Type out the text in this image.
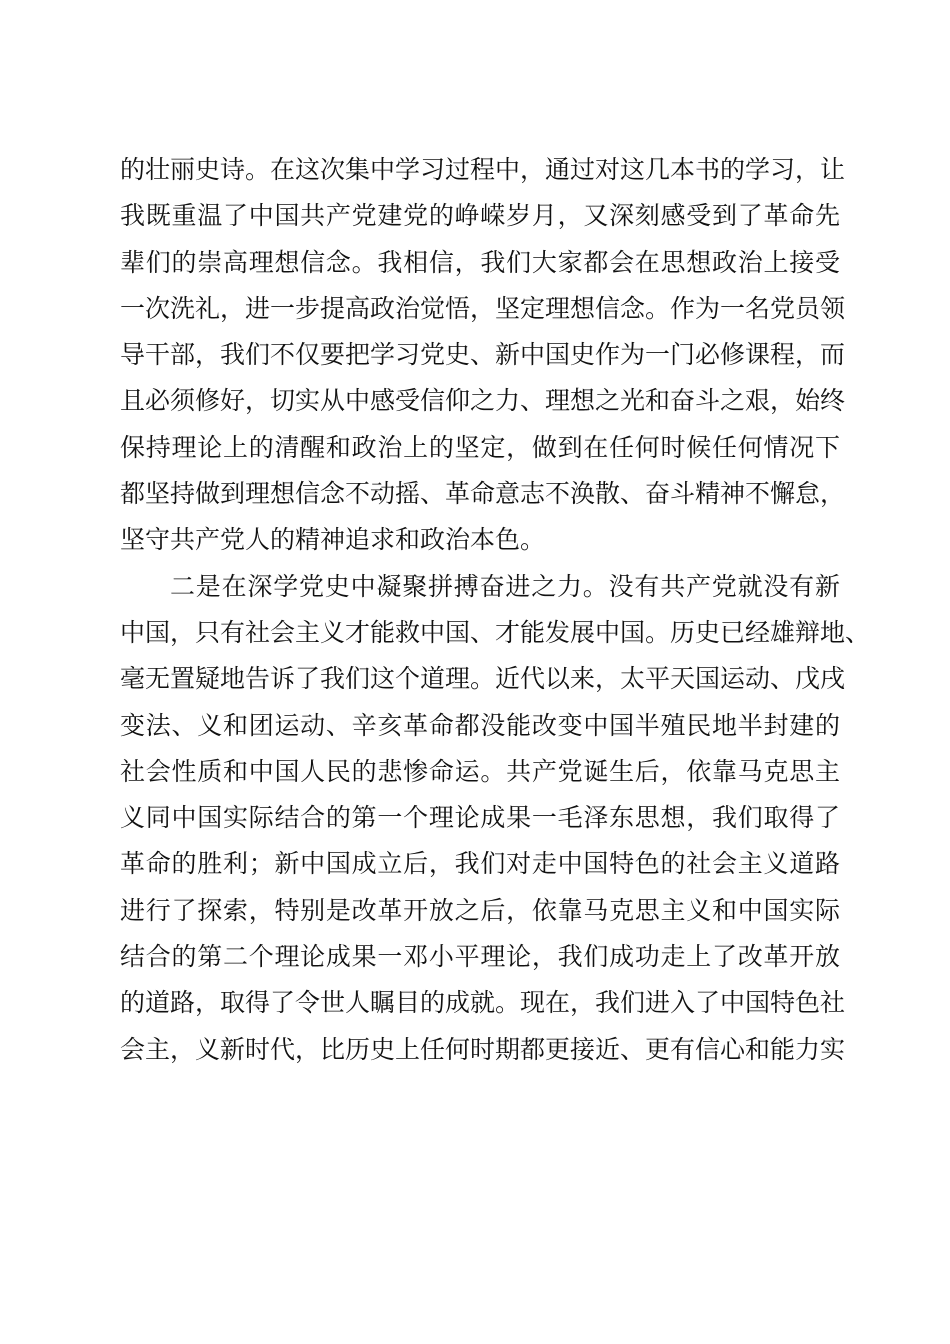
的壮丽史诗。在这次集中学习过程中，通过对这几本书的学习，让
我既重温了中国共产党建党的峥嵘岁月，又深刻感受到了革命先
辈们的崇高理想信念。我相信，我们大家都会在思想政治上接受
一次洗礼，进一步提高政治觉悟，坚定理想信念。作为一名党员领
导干部，我们不仅要把学习党史、新中国史作为一门必修课程，而
且必须修好，切实从中感受信仰之力、理想之光和奋斗之艰，始终
保持理论上的清醒和政治上的坚定，做到在任何时候任何情况下
都坚持做到理想信念不动摇、革命意志不涣散、奋斗精神不懈怠，
坚守共产党人的精神追求和政治本色。
二是在深学党史中凝聚拼搏奋进之力。没有共产党就没有新
中国，只有社会主义才能救中国、才能发展中国。历史已经雄辩地、
毫无置疑地告诉了我们这个道理。近代以来，太平天国运动、戊戌
变法、义和团运动、辛亥革命都没能改变中国半殖民地半封建的
社会性质和中国人民的悲惨命运。共产党诞生后，依靠马克思主
义同中国实际结合的第一个理论成果一毛泽东思想，我们取得了
革命的胜利；新中国成立后，我们对走中国特色的社会主义道路
进行了探索，特别是改革开放之后，依靠马克思主义和中国实际
结合的第二个理论成果一邓小平理论，我们成功走上了改革开放
的道路，取得了令世人瞩目的成就。现在，我们进入了中国特色社
会主，义新时代，比历史上任何时期都更接近、更有信心和能力实
